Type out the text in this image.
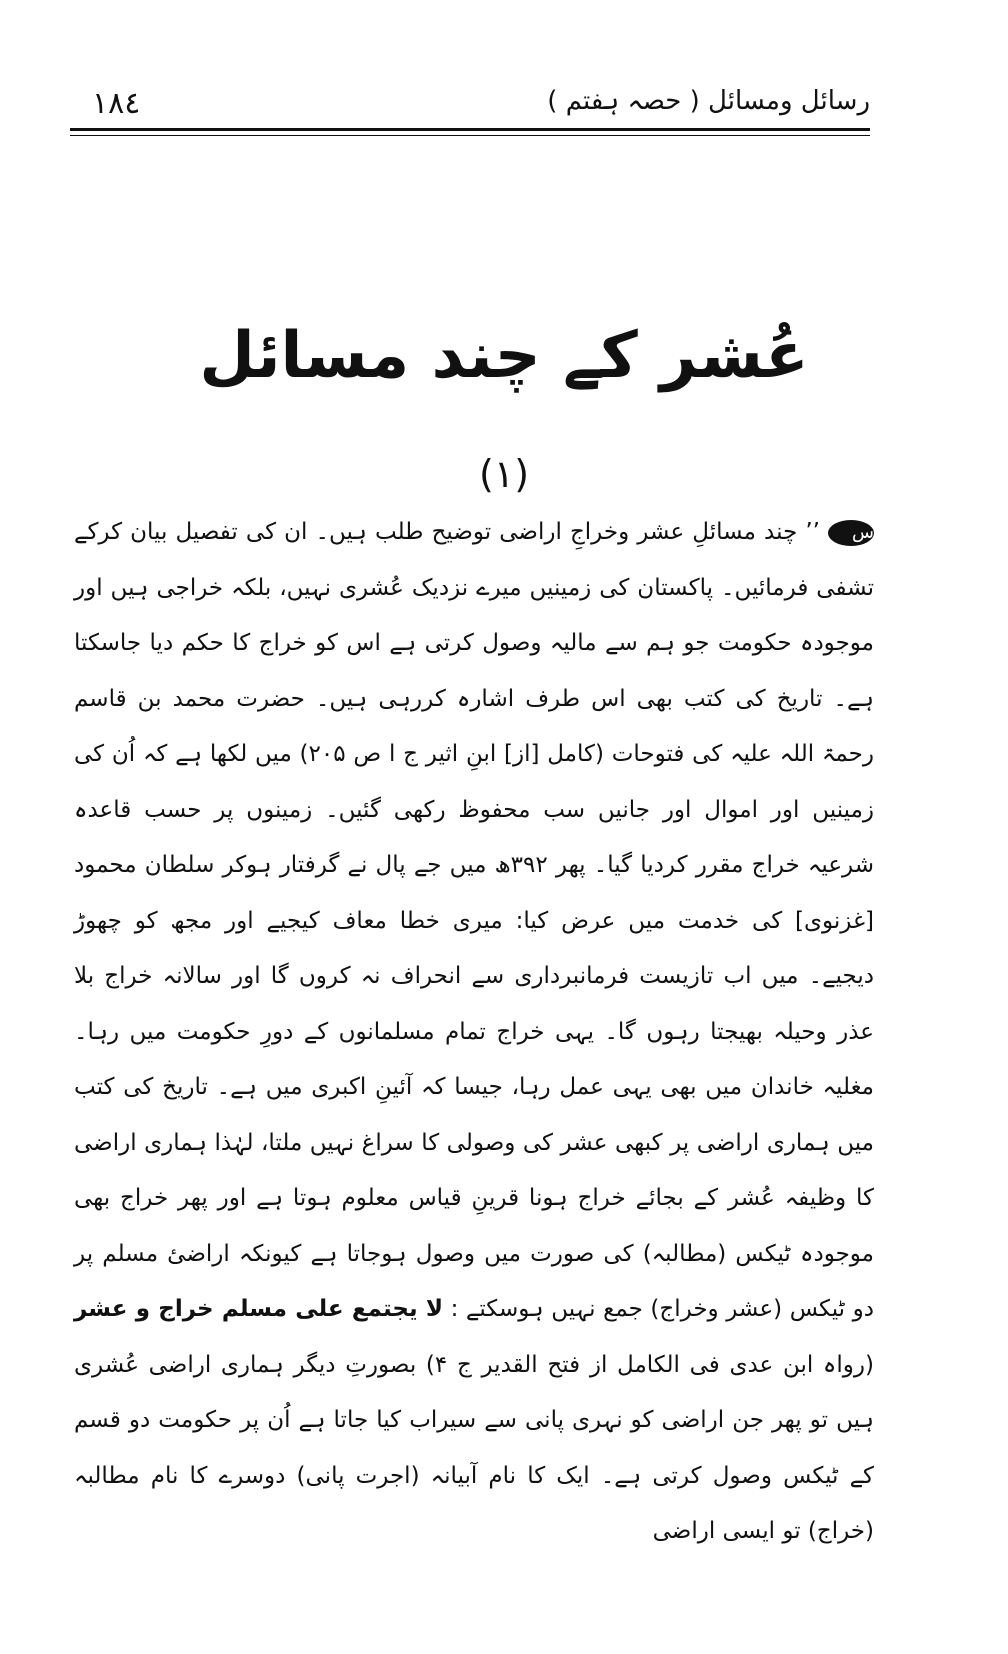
١٨٤	رسائل ومسائل ( حصہ ہفتم )
عُشر کے چند مسائل
(١)
س’’ چند مسائلِ عشر وخراجِ اراضی توضیح طلب ہیں۔ ان کی تفصیل بیان کرکے تشفی فرمائیں۔ پاکستان کی زمینیں میرے نزدیک عُشری نہیں، بلکہ خراجی ہیں اور موجودہ حکومت جو ہم سے مالیہ وصول کرتی ہے اس کو خراج کا حکم دیا جاسکتا ہے۔ تاریخ کی کتب بھی اس طرف اشارہ کررہی ہیں۔ حضرت محمد بن قاسم رحمۃ اللہ علیہ کی فتوحات (کامل [از] ابنِ اثیر ج ا ص ۲۰۵) میں لکھا ہے کہ اُن کی زمینیں اور اموال اور جانیں سب محفوظ رکھی گئیں۔ زمینوں پر حسب قاعدہ شرعیہ خراج مقرر کردیا گیا۔ پھر ۳۹۲ھ میں جے پال نے گرفتار ہوکر سلطان محمود [غزنوی] کی خدمت میں عرض کیا: میری خطا معاف کیجیے اور مجھ کو چھوڑ دیجیے۔ میں اب تازیست فرمانبرداری سے انحراف نہ کروں گا اور سالانہ خراج بلا عذر وحیلہ بھیجتا رہوں گا۔ یہی خراج تمام مسلمانوں کے دورِ حکومت میں رہا۔ مغلیہ خاندان میں بھی یہی عمل رہا، جیسا کہ آئینِ اکبری میں ہے۔ تاریخ کی کتب میں ہماری اراضی پر کبھی عشر کی وصولی کا سراغ نہیں ملتا، لہٰذا ہماری اراضی کا وظیفہ عُشر کے بجائے خراج ہونا قرینِ قیاس معلوم ہوتا ہے اور پھر خراج بھی موجودہ ٹیکس (مطالبہ) کی صورت میں وصول ہوجاتا ہے کیونکہ اراضیٔ مسلم پر دو ٹیکس (عشر وخراج) جمع نہیں ہوسکتے : لا یجتمع علی مسلم خراج و عشر (رواہ ابن عدی فی الکامل از فتح القدیر ج ۴) بصورتِ دیگر ہماری اراضی عُشری ہیں تو پھر جن اراضی کو نہری پانی سے سیراب کیا جاتا ہے اُن پر حکومت دو قسم کے ٹیکس وصول کرتی ہے۔ ایک کا نام آبیانہ (اجرت پانی) دوسرے کا نام مطالبہ (خراج) تو ایسی اراضی
